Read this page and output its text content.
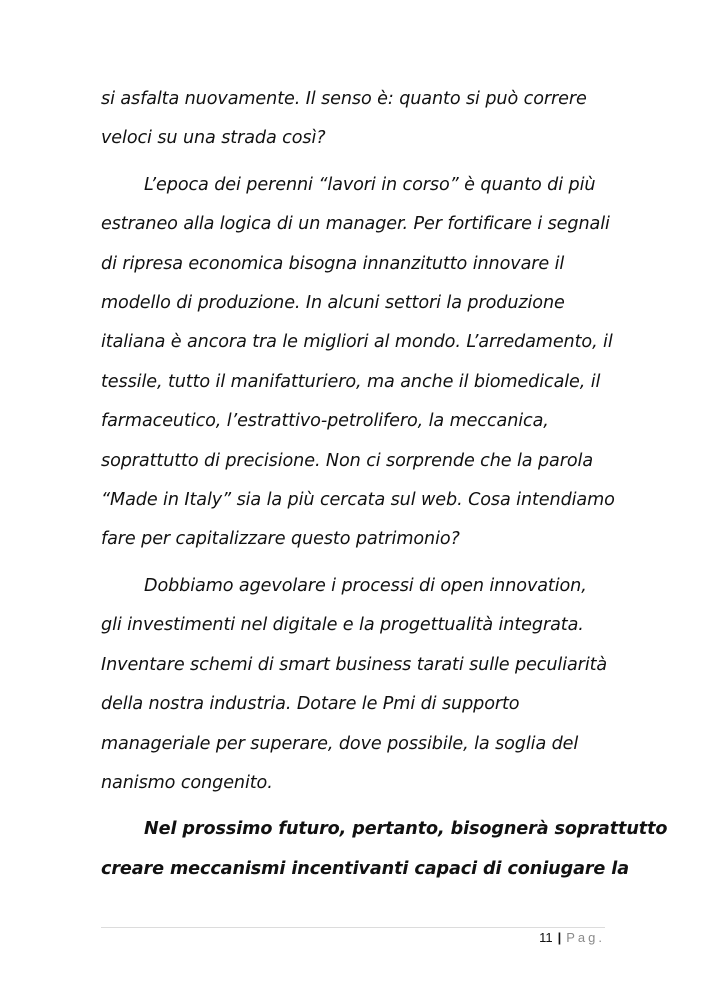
si asfalta nuovamente. Il senso è: quanto si può correre
veloci su una strada così?

L’epoca dei perenni “lavori in corso” è quanto di più
estraneo alla logica di un manager. Per fortificare i segnali
di ripresa economica bisogna innanzitutto innovare il
modello di produzione. In alcuni settori la produzione
italiana è ancora tra le migliori al mondo. L’arredamento, il
tessile, tutto il manifatturiero, ma anche il biomedicale, il
farmaceutico, l’estrattivo-petrolifero, la meccanica,
soprattutto di precisione. Non ci sorprende che la parola
“Made in Italy” sia la più cercata sul web. Cosa intendiamo
fare per capitalizzare questo patrimonio?

Dobbiamo agevolare i processi di open innovation,
gli investimenti nel digitale e la progettualità integrata.
Inventare schemi di smart business tarati sulle peculiarità
della nostra industria. Dotare le Pmi di supporto
manageriale per superare, dove possibile, la soglia del
nanismo congenito.

Nel prossimo futuro, pertanto, bisognerà soprattutto
creare meccanismi incentivanti capaci di coniugare la

11 | Pag.
